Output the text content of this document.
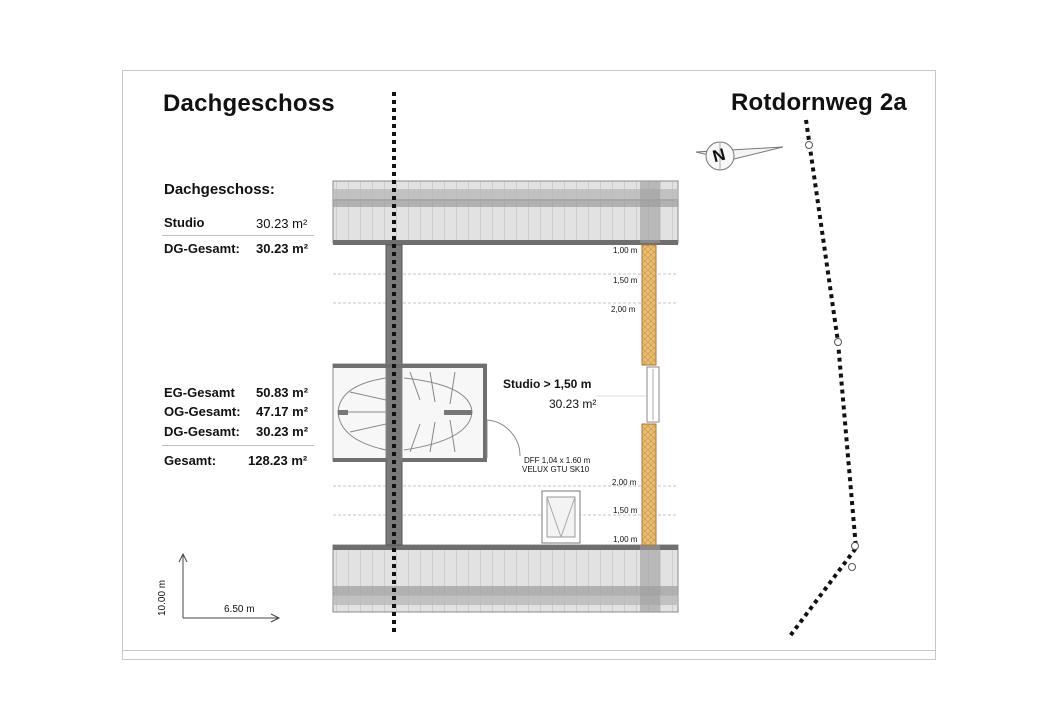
Dachgeschoss	Rotdornweg 2a
Dachgeschoss:
Studio	30.23 m²
DG-Gesamt: 30.23 m²
EG-Gesamt 50.83 m²
OG-Gesamt: 47.17 m²
DG-Gesamt: 30.23 m²
Gesamt: 128.23 m²
N
Studio > 1,50 m
30.23 m²
DFF 1,04 x 1.60 m
VELUX GTU SK10
1,00 m
1,50 m
2,00 m
2,00 m
1,50 m
1,00 m
10.00 m	6.50 m
